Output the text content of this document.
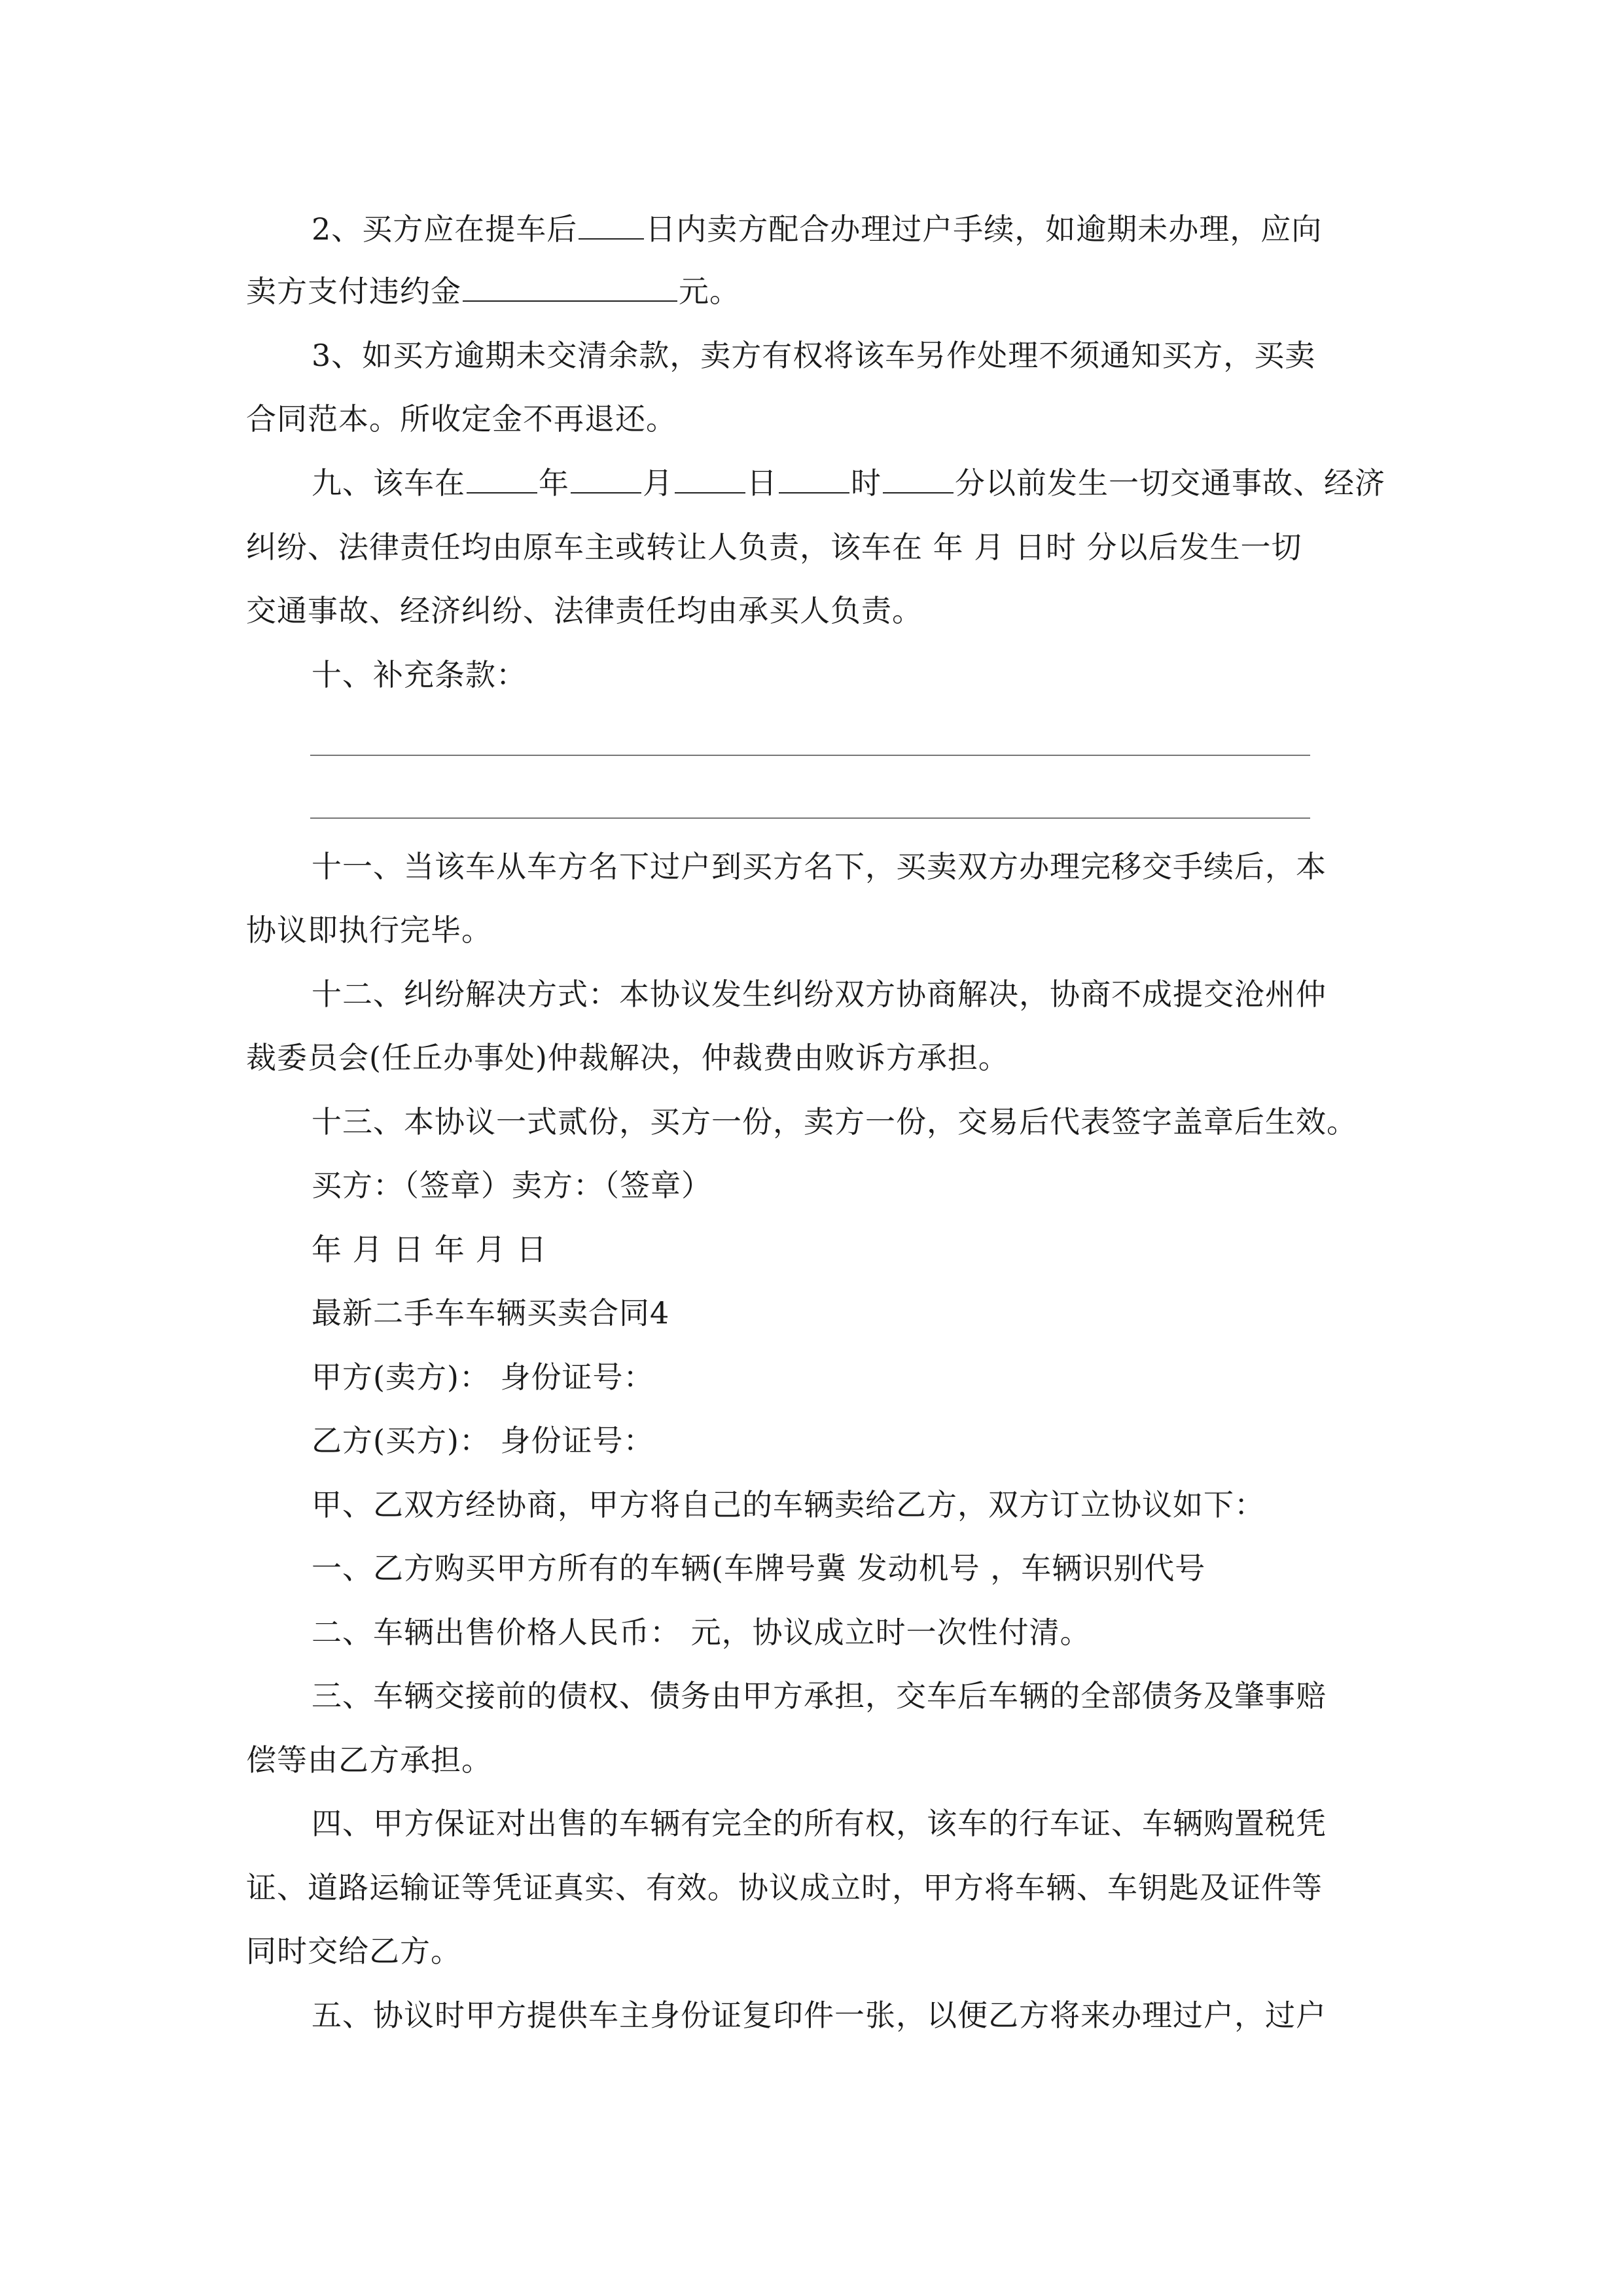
2、买方应在提车后 日内卖方配合办理过户手续，如逾期未办理，应向
卖方支付违约金	元。
3、如买方逾期未交清余款，卖方有权将该车另作处理不须通知买方，买卖
合同范本。所收定金不再退还。
九、该车在 年 月 日 时 分以前发生一切交通事故、经济
纠纷、法律责任均由原车主或转让人负责，该车在 年 月 日时 分以后发生一切
交通事故、经济纠纷、法律责任均由承买人负责。
十、补充条款：
十一、当该车从车方名下过户到买方名下，买卖双方办理完移交手续后，本
协议即执行完毕。
十二、纠纷解决方式：本协议发生纠纷双方协商解决，协商不成提交沧州仲
裁委员会(任丘办事处)仲裁解决，仲裁费由败诉方承担。
十三、本协议一式贰份，买方一份，卖方一份，交易后代表签字盖章后生效。
买方：（签章）卖方：（签章）
年 月 日 年 月 日
最新二手车车辆买卖合同4
甲方(卖方)： 身份证号：
乙方(买方)： 身份证号：
甲、乙双方经协商，甲方将自己的车辆卖给乙方，双方订立协议如下：
一、乙方购买甲方所有的车辆(车牌号冀 发动机号 ，车辆识别代号
二、车辆出售价格人民币： 元，协议成立时一次性付清。
三、车辆交接前的债权、债务由甲方承担，交车后车辆的全部债务及肇事赔
偿等由乙方承担。
四、甲方保证对出售的车辆有完全的所有权，该车的行车证、车辆购置税凭
证、道路运输证等凭证真实、有效。协议成立时，甲方将车辆、车钥匙及证件等
同时交给乙方。
五、协议时甲方提供车主身份证复印件一张，以便乙方将来办理过户，过户
